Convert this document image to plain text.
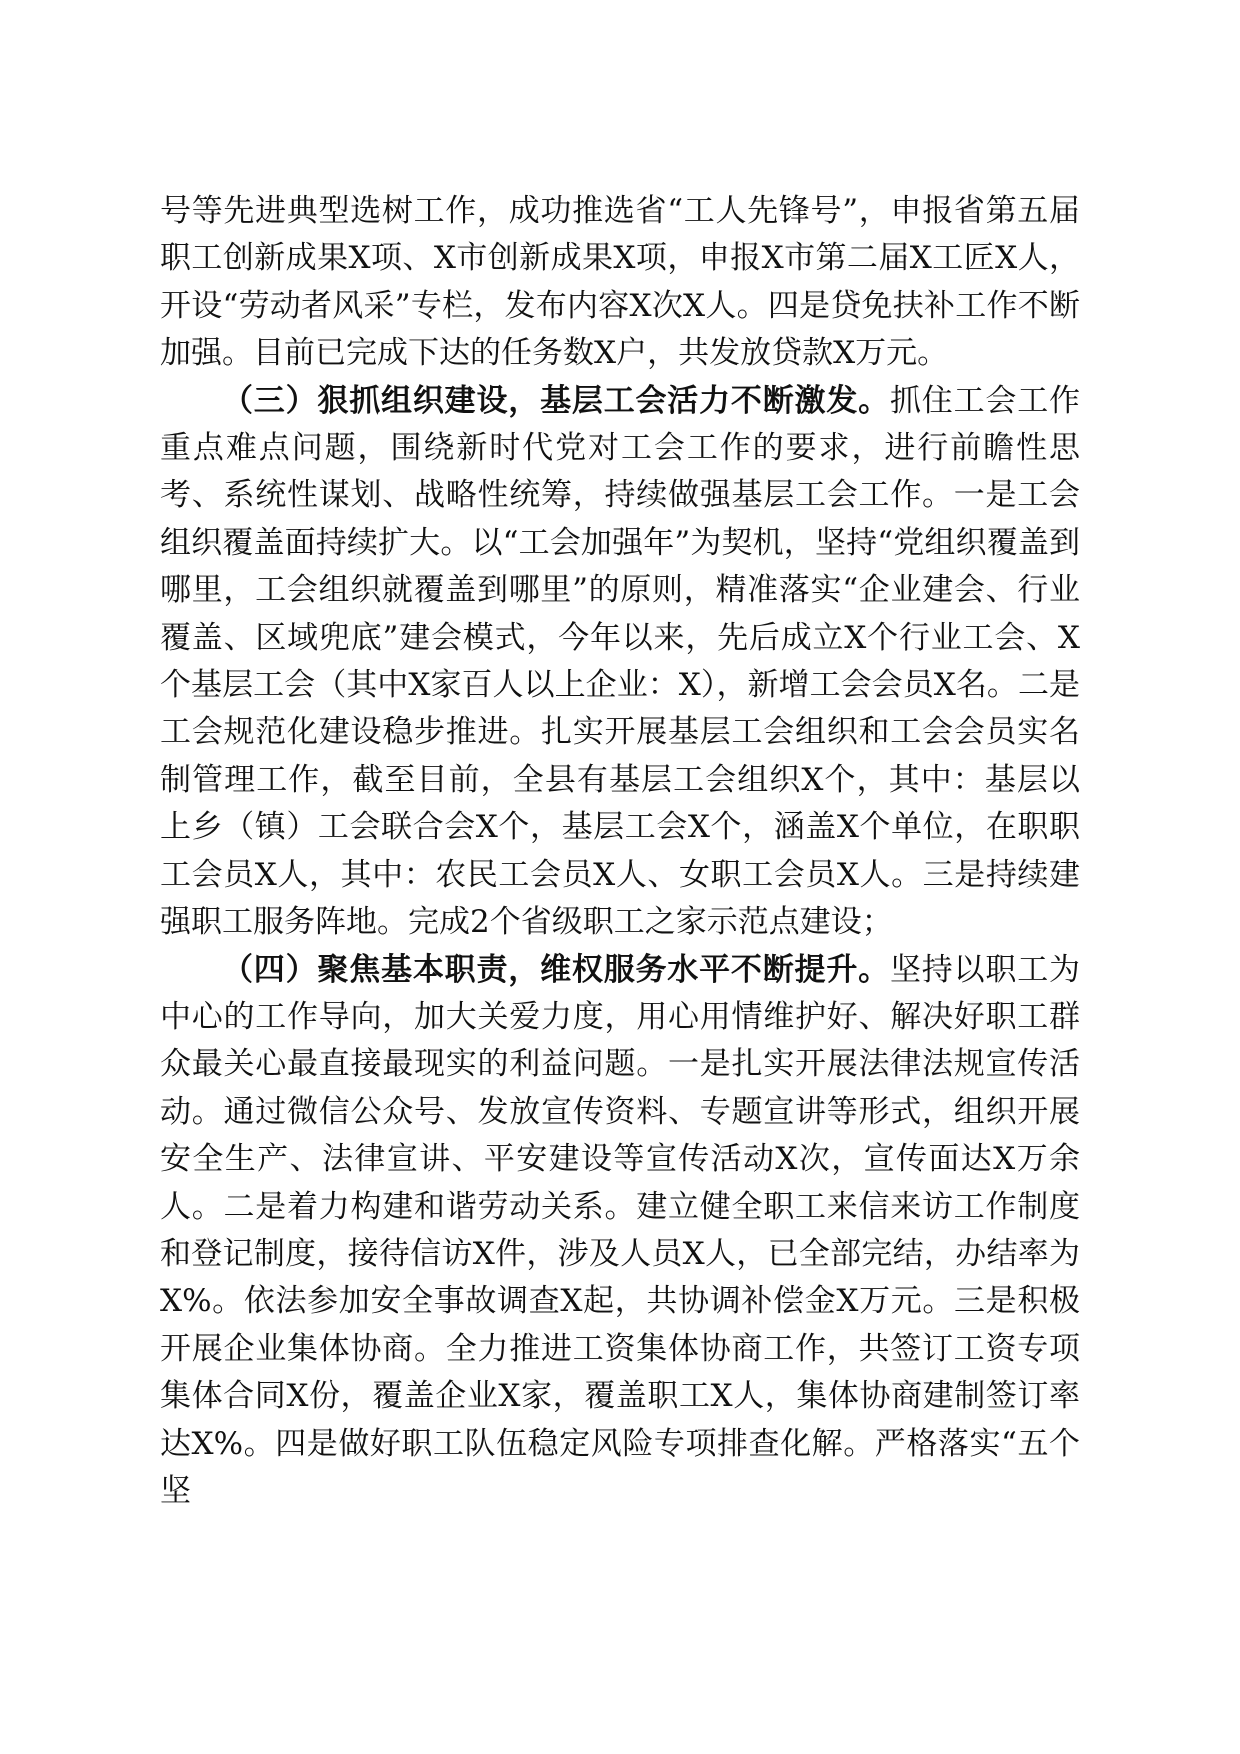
号等先进典型选树工作，成功推选省“工人先锋号”，申报省第五届职工创新成果X项、X市创新成果X项，申报X市第二届X工匠X人，开设“劳动者风采”专栏，发布内容X次X人。四是贷免扶补工作不断加强。目前已完成下达的任务数X户，共发放贷款X万元。

（三）狠抓组织建设，基层工会活力不断激发。抓住工会工作重点难点问题，围绕新时代党对工会工作的要求，进行前瞻性思考、系统性谋划、战略性统筹，持续做强基层工会工作。一是工会组织覆盖面持续扩大。以“工会加强年”为契机，坚持“党组织覆盖到哪里，工会组织就覆盖到哪里”的原则，精准落实“企业建会、行业覆盖、区域兜底”建会模式，今年以来，先后成立X个行业工会、X个基层工会（其中X家百人以上企业：X），新增工会会员X名。二是工会规范化建设稳步推进。扎实开展基层工会组织和工会会员实名制管理工作，截至目前，全县有基层工会组织X个，其中：基层以上乡（镇）工会联合会X个，基层工会X个，涵盖X个单位，在职职工会员X人，其中：农民工会员X人、女职工会员X人。三是持续建强职工服务阵地。完成2个省级职工之家示范点建设；

（四）聚焦基本职责，维权服务水平不断提升。坚持以职工为中心的工作导向，加大关爱力度，用心用情维护好、解决好职工群众最关心最直接最现实的利益问题。一是扎实开展法律法规宣传活动。通过微信公众号、发放宣传资料、专题宣讲等形式，组织开展安全生产、法律宣讲、平安建设等宣传活动X次，宣传面达X万余人。二是着力构建和谐劳动关系。建立健全职工来信来访工作制度和登记制度，接待信访X件，涉及人员X人，已全部完结，办结率为X%。依法参加安全事故调查X起，共协调补偿金X万元。三是积极开展企业集体协商。全力推进工资集体协商工作，共签订工资专项集体合同X份，覆盖企业X家，覆盖职工X人，集体协商建制签订率达X%。四是做好职工队伍稳定风险专项排查化解。严格落实“五个坚
